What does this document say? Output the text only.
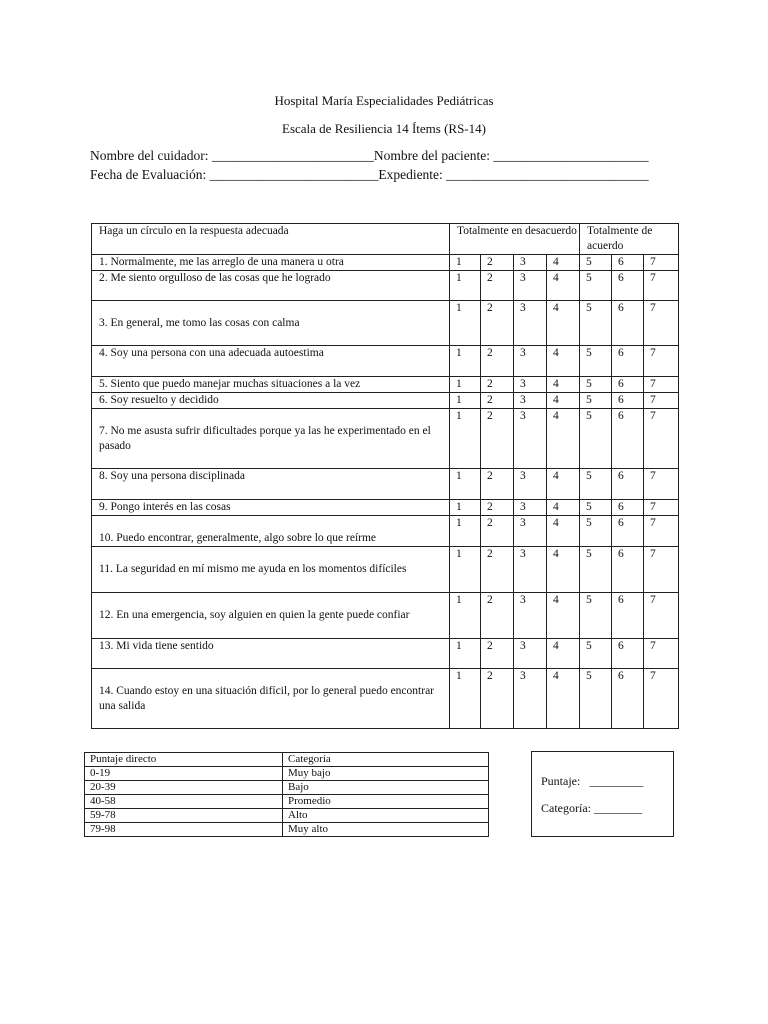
Hospital María Especialidades Pediátricas
Escala de Resiliencia 14 Ítems (RS-14)
Nombre del cuidador: ________________________Nombre del paciente: _______________________
Fecha de Evaluación: _________________________Expediente: ______________________________
Haga un círculo en la respuesta adecuada	Totalmente en desacuerdo				Totalmente de acuerdo		

1. Normalmente, me las arreglo de una manera u otra	1	2	3	4	5	6	7

2. Me siento orgulloso de las cosas que he logrado	1	2	3	4	5	6	7

3. En general, me tomo las cosas con calma	1	2	3	4	5	6	7

4. Soy una persona con una adecuada autoestima	1	2	3	4	5	6	7

5. Siento que puedo manejar muchas situaciones a la vez	1	2	3	4	5	6	7

6. Soy resuelto y decidido	1	2	3	4	5	6	7

7. No me asusta sufrir dificultades porque ya las he experimentado en el pasado	1	2	3	4	5	6	7

8. Soy una persona disciplinada	1	2	3	4	5	6	7

9. Pongo interés en las cosas	1	2	3	4	5	6	7

10. Puedo encontrar, generalmente, algo sobre lo que reírme	1	2	3	4	5	6	7

11. La seguridad en mí mismo me ayuda en los momentos difíciles	1	2	3	4	5	6	7

12. En una emergencia, soy alguien en quien la gente puede confiar	1	2	3	4	5	6	7

13. Mi vida tiene sentido	1	2	3	4	5	6	7

14. Cuando estoy en una situación difícil, por lo general puedo encontrar una salida	1	2	3	4	5	6	7
Puntaje directo	Categoría
0-19	Muy bajo
20-39	Bajo
40-58	Promedio
59-78	Alto
79-98	Muy alto
Puntaje:   _________
Categoría: ________
